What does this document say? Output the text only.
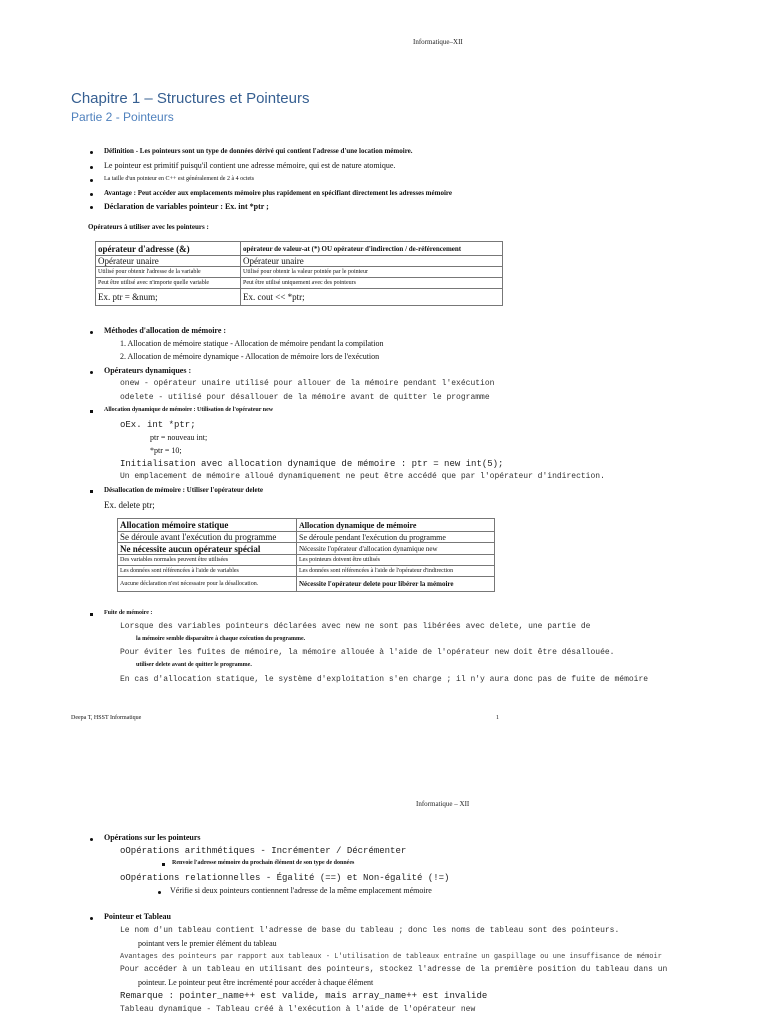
Informatique–XII
Chapitre 1 – Structures et Pointeurs
Partie 2 - Pointeurs
Définition - Les pointeurs sont un type de données dérivé qui contient l'adresse d'une location mémoire.
Le pointeur est primitif puisqu'il contient une adresse mémoire, qui est de nature atomique.
La taille d'un pointeur en C++ est généralement de 2 à 4 octets
Avantage : Peut accéder aux emplacements mémoire plus rapidement en spécifiant directement les adresses mémoire
Déclaration de variables pointeur : Ex. int *ptr ;
Opérateurs à utiliser avec les pointeurs :
opérateur d'adresse (&)	opérateur de valeur-at (*) OU opérateur d'indirection / de-référencement
Opérateur unaire	Opérateur unaire
Utilisé pour obtenir l'adresse de la variable	Utilisé pour obtenir la valeur pointée par le pointeur
Peut être utilisé avec n'importe quelle variable	Peut être utilisé uniquement avec des pointeurs
Ex. ptr = &num;	Ex. cout << *ptr;
Méthodes d'allocation de mémoire :
1. Allocation de mémoire statique - Allocation de mémoire pendant la compilation
2. Allocation de mémoire dynamique - Allocation de mémoire lors de l'exécution
Opérateurs dynamiques :
onew - opérateur unaire utilisé pour allouer de la mémoire pendant l'exécution
odelete - utilisé pour désallouer de la mémoire avant de quitter le programme
Allocation dynamique de mémoire : Utilisation de l'opérateur new
oEx. int *ptr;
ptr = nouveau int;
*ptr = 10;
Initialisation avec allocation dynamique de mémoire : ptr = new int(5);
Un emplacement de mémoire alloué dynamiquement ne peut être accédé que par l'opérateur d'indirection.
Désallocation de mémoire : Utiliser l'opérateur delete
Ex. delete ptr;
Allocation mémoire statique	Allocation dynamique de mémoire
Se déroule avant l'exécution du programme	Se déroule pendant l'exécution du programme
Ne nécessite aucun opérateur spécial	Nécessite l'opérateur d'allocation dynamique new
Des variables normales peuvent être utilisées	Les pointeurs doivent être utilisés
Les données sont référencées à l'aide de variables	Les données sont référencées à l'aide de l'opérateur d'indirection
Aucune déclaration n'est nécessaire pour la désallocation.	Nécessite l'opérateur delete pour libérer la mémoire
Fuite de mémoire :
Lorsque des variables pointeurs déclarées avec new ne sont pas libérées avec delete, une partie de
la mémoire semble disparaître à chaque exécution du programme.
Pour éviter les fuites de mémoire, la mémoire allouée à l'aide de l'opérateur new doit être désallouée.
utiliser delete avant de quitter le programme.
En cas d'allocation statique, le système d'exploitation s'en charge ; il n'y aura donc pas de fuite de mémoire
Deepa T, HSST Informatique	1
Informatique – XII
Opérations sur les pointeurs
oOpérations arithmétiques - Incrémenter / Décrémenter
Renvoie l'adresse mémoire du prochain élément de son type de données
oOpérations relationnelles - Égalité (==) et Non-égalité (!=)
Vérifie si deux pointeurs contiennent l'adresse de la même emplacement mémoire
Pointeur et Tableau
Le nom d'un tableau contient l'adresse de base du tableau ; donc les noms de tableau sont des pointeurs.
pointant vers le premier élément du tableau
Avantages des pointeurs par rapport aux tableaux - L'utilisation de tableaux entraîne un gaspillage ou une insuffisance de mémoir
Pour accéder à un tableau en utilisant des pointeurs, stockez l'adresse de la première position du tableau dans un
pointeur. Le pointeur peut être incrémenté pour accéder à chaque élément
Remarque : pointer_name++ est valide, mais array_name++ est invalide
Tableau dynamique - Tableau créé à l'exécution à l'aide de l'opérateur new
